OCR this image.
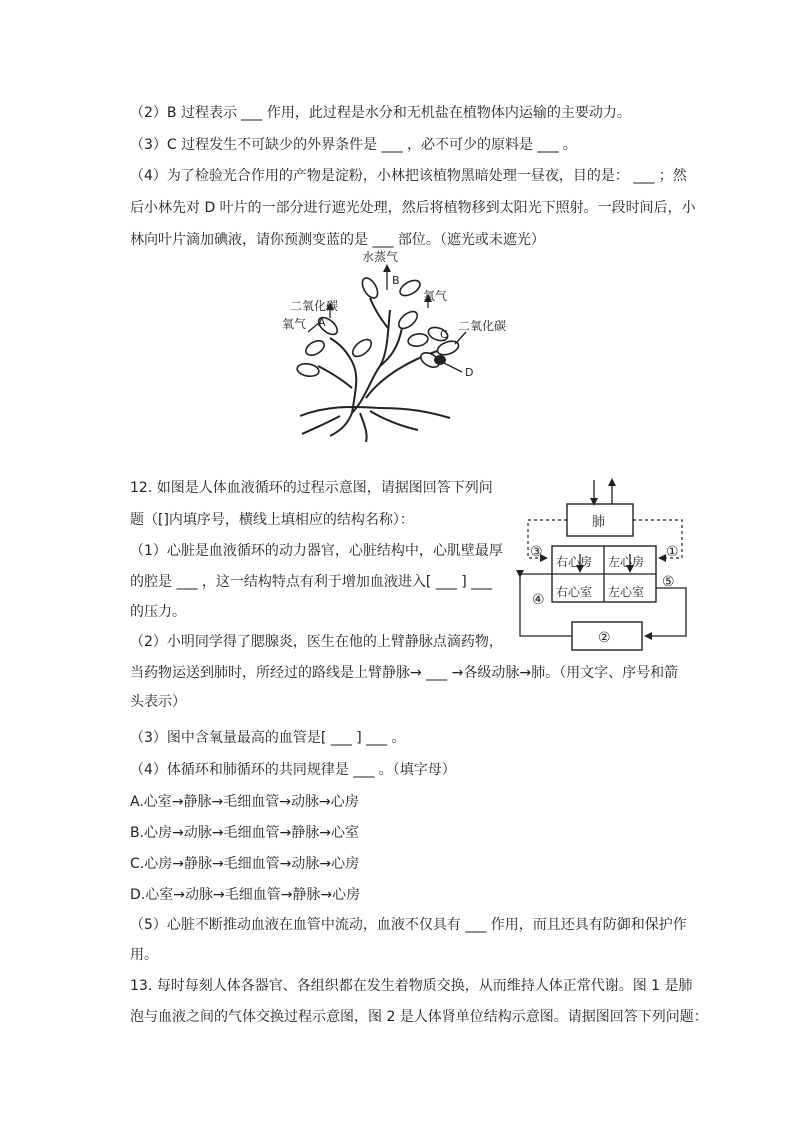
（2）B 过程表示 ___ 作用，此过程是水分和无机盐在植物体内运输的主要动力。
（3）C 过程发生不可缺少的外界条件是 ___ ，必不可少的原料是 ___ 。
（4）为了检验光合作用的产物是淀粉，小林把该植物黑暗处理一昼夜，目的是： ___ ；然
后小林先对 D 叶片的一部分进行遮光处理，然后将植物移到太阳光下照射。一段时间后，小
林向叶片滴加碘液，请你预测变蓝的是 ___ 部位。（遮光或未遮光）
水蒸气
B
二氧化碳
氧气 A
氧气
C
二氧化碳
D
12. 如图是人体血液循环的过程示意图，请据图回答下列问
题（[]内填序号，横线上填相应的结构名称）：
（1）心脏是血液循环的动力器官，心脏结构中，心肌壁最厚
的腔是 ___ ，这一结构特点有利于增加血液进入[ ___ ] ___
的压力。
（2）小明同学得了腮腺炎，医生在他的上臂静脉点滴药物，
当药物运送到肺时，所经过的路线是上臂静脉→ ___ →各级动脉→肺。（用文字、序号和箭
头表示）
（3）图中含氧量最高的血管是[ ___ ] ___ 。
（4）体循环和肺循环的共同规律是 ___ 。（填字母）
A.心室→静脉→毛细血管→动脉→心房
B.心房→动脉→毛细血管→静脉→心室
C.心房→静脉→毛细血管→动脉→心房
D.心室→动脉→毛细血管→静脉→心房
（5）心脏不断推动血液在血管中流动，血液不仅具有 ___ 作用，而且还具有防御和保护作
用。
肺
右心房 左心房
右心室 左心室
①
②
③
④
⑤
13. 每时每刻人体各器官、各组织都在发生着物质交换，从而维持人体正常代谢。图 1 是肺
泡与血液之间的气体交换过程示意图，图 2 是人体肾单位结构示意图。请据图回答下列问题：
